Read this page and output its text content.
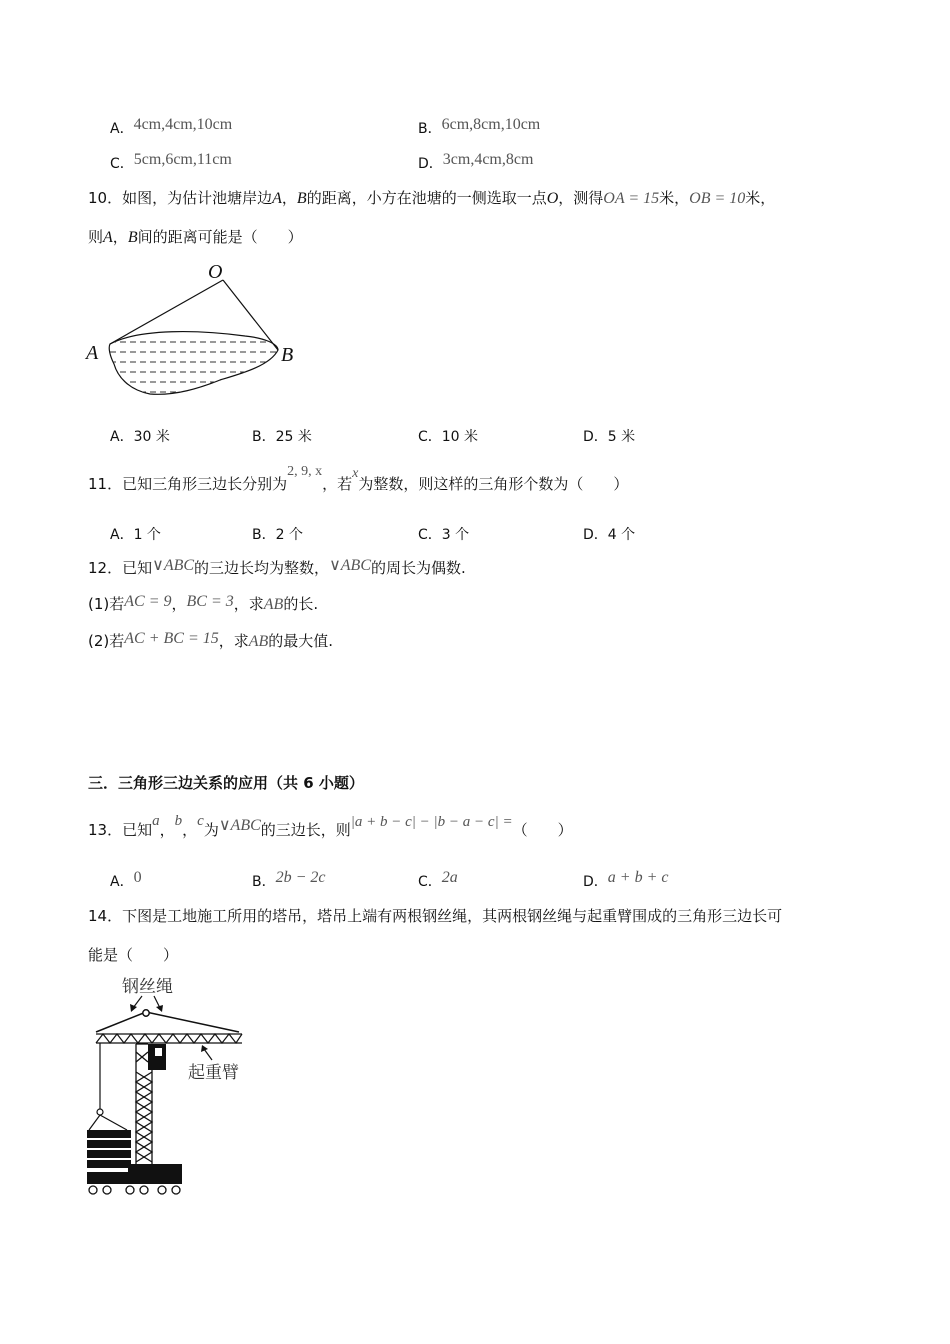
A．4cm,4cm,10cm	B．6cm,8cm,10cm
C．5cm,6cm,11cm	D．3cm,4cm,8cm
10．如图，为估计池塘岸边A，B的距离，小方在池塘的一侧选取一点O，测得OA = 15米，OB = 10米，
则A，B间的距离可能是（　　）
O
A	B
A．30 米	B．25 米	C．10 米	D．5 米
11．已知三角形三边长分别为2, 9, x，若x为整数，则这样的三角形个数为（　　）
A．1 个	B．2 个	C．3 个	D．4 个
12．已知∨ABC的三边长均为整数，∨ABC的周长为偶数.
(1)若AC = 9，BC = 3，求AB的长.
(2)若AC + BC = 15，求AB的最大值.
三．三角形三边关系的应用（共 6 小题）
13．已知a，b，c为∨ABC的三边长，则|a + b − c| − |b − a − c| =（　　）
A．0	B．2b − 2c	C．2a	D．a + b + c
14．下图是工地施工所用的塔吊，塔吊上端有两根钢丝绳，其两根钢丝绳与起重臂围成的三角形三边长可
能是（　　）
钢丝绳
起重臂
